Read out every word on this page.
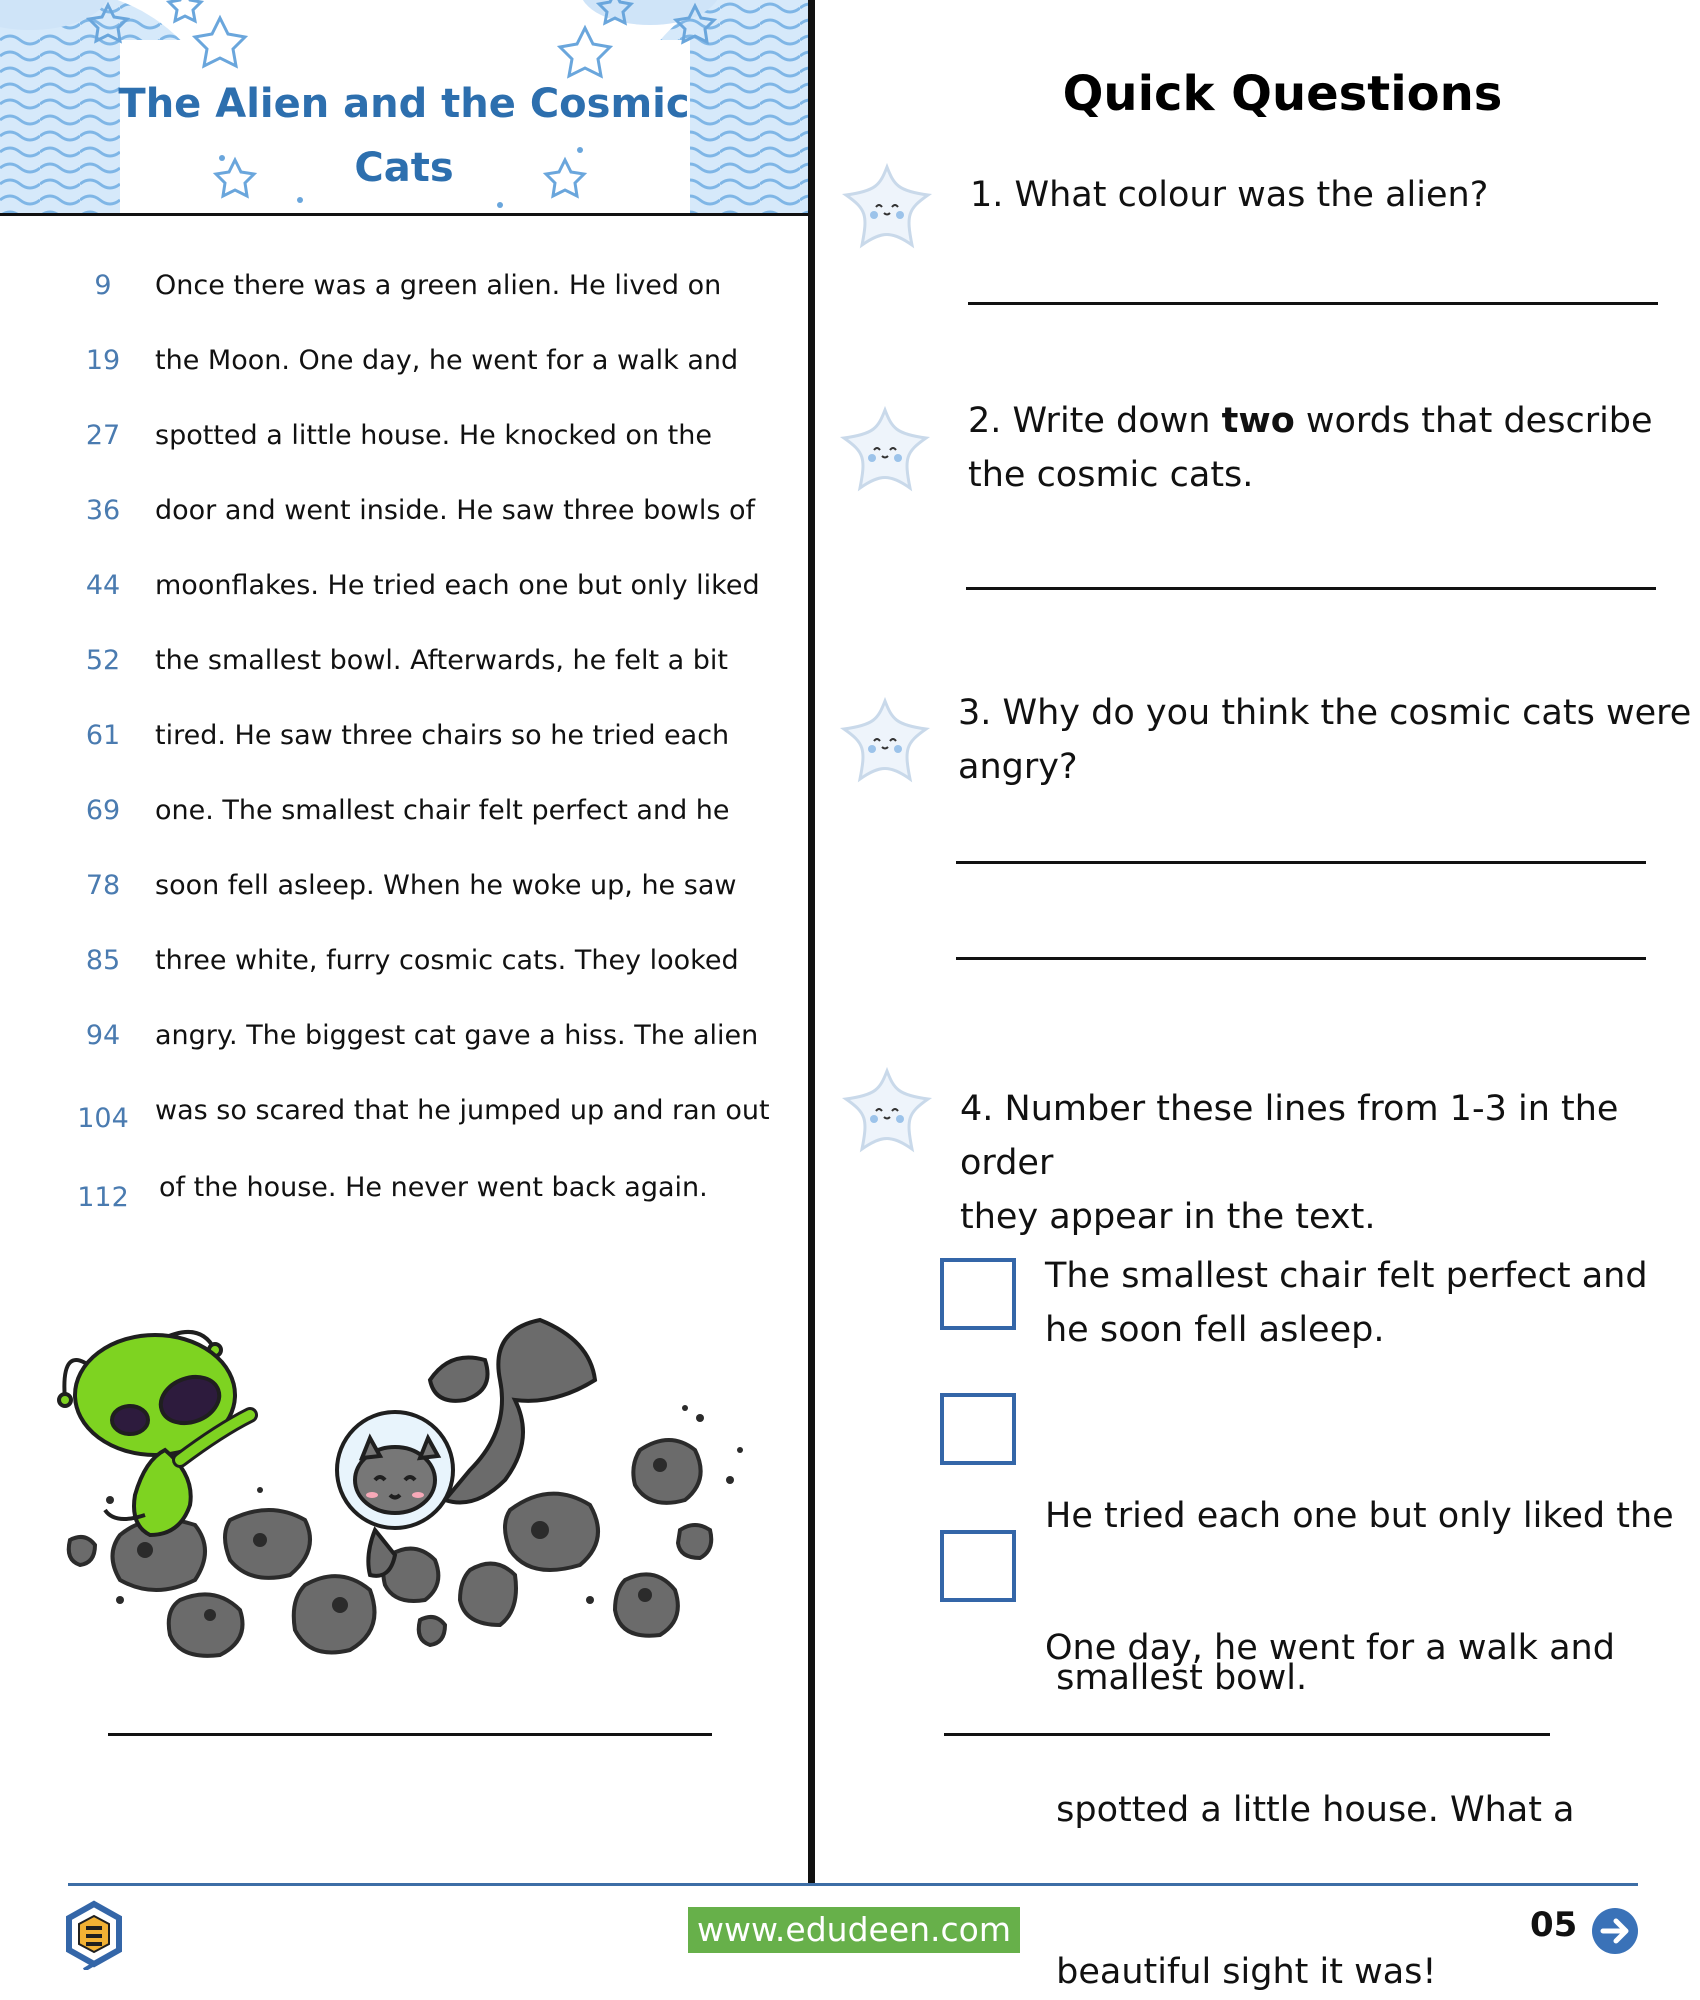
The Alien and the Cosmic
Cats
9	Once there was a green alien. He lived on
19	the Moon. One day, he went for a walk and
27	spotted a little house. He knocked on the
36	door and went inside. He saw three bowls of
44	moonflakes. He tried each one but only liked
52	the smallest bowl. Afterwards, he felt a bit
61	tired. He saw three chairs so he tried each
69	one. The smallest chair felt perfect and he
78	soon fell asleep. When he woke up, he saw
85	three white, furry cosmic cats. They looked
94	angry. The biggest cat gave a hiss. The alien
104 was so scared that he jumped up and ran out
112	of the house. He never went back again.
Quick Questions
1. What colour was the alien?
2. Write down two words that describe
the cosmic cats.
3. Why do you think the cosmic cats were
angry?
4. Number these lines from 1-3 in the order
they appear in the text.
The smallest chair felt perfect and
he soon fell asleep.

He tried each one but only liked the

smallest bowl.

One day, he went for a walk and

spotted a little house. What a

beautiful sight it was!

www.edudeen.com	05
